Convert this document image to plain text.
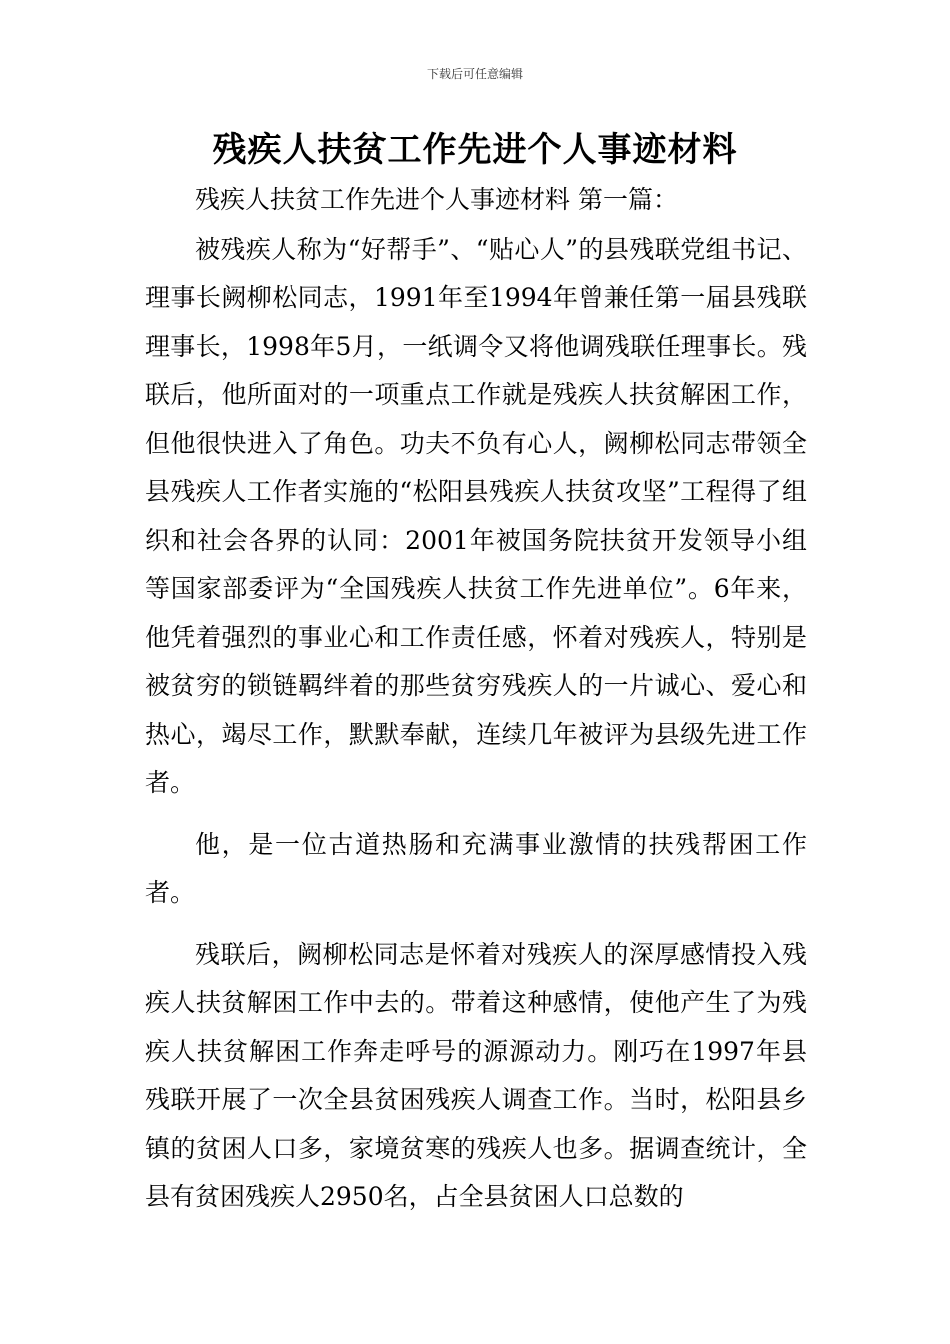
下载后可任意编辑
残疾人扶贫工作先进个人事迹材料

残疾人扶贫工作先进个人事迹材料 第一篇：

被残疾人称为“好帮手”、“贴心人”的县残联党组书记、理事长阙柳松同志，1991年至1994年曾兼任第一届县残联理事长，1998年5月，一纸调令又将他调残联任理事长。残联后，他所面对的一项重点工作就是残疾人扶贫解困工作，但他很快进入了角色。功夫不负有心人，阙柳松同志带领全县残疾人工作者实施的“松阳县残疾人扶贫攻坚”工程得了组织和社会各界的认同：2001年被国务院扶贫开发领导小组等国家部委评为“全国残疾人扶贫工作先进单位”。6年来，他凭着强烈的事业心和工作责任感，怀着对残疾人，特别是被贫穷的锁链羁绊着的那些贫穷残疾人的一片诚心、爱心和热心，竭尽工作，默默奉献，连续几年被评为县级先进工作者。

他，是一位古道热肠和充满事业激情的扶残帮困工作者。

残联后，阙柳松同志是怀着对残疾人的深厚感情投入残疾人扶贫解困工作中去的。带着这种感情，使他产生了为残疾人扶贫解困工作奔走呼号的源源动力。刚巧在1997年县残联开展了一次全县贫困残疾人调查工作。当时，松阳县乡镇的贫困人口多，家境贫寒的残疾人也多。据调查统计，全县有贫困残疾人2950名，占全县贫困人口总数的
